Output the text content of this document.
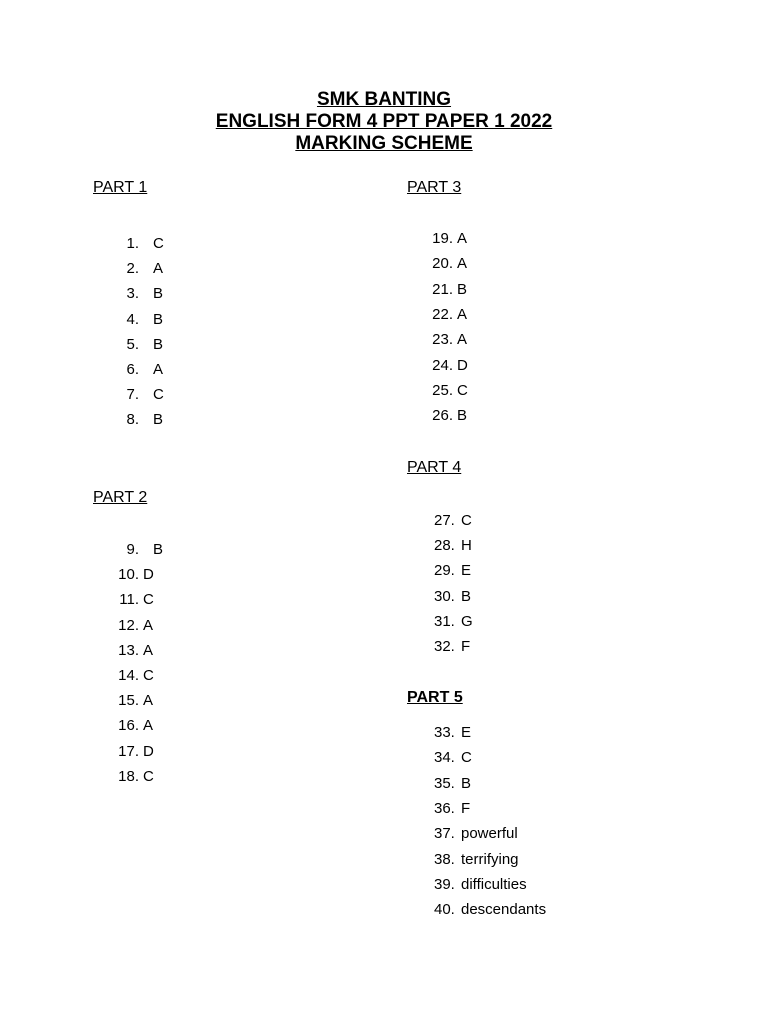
SMK BANTING
ENGLISH FORM 4 PPT PAPER 1 2022
MARKING SCHEME
PART 1
PART 2
PART 3
PART 4
PART 5
1. C
2. A
3. B
4. B
5. B
6. A
7. C
8. B
9. B
10. D
11. C
12. A
13. A
14. C
15. A
16. A
17. D
18. C
19. A
20. A
21. B
22. A
23. A
24. D
25. C
26. B
27. C
28. H
29. E
30. B
31. G
32. F
33. E
34. C
35. B
36. F
37. powerful
38. terrifying
39. difficulties
40. descendants
